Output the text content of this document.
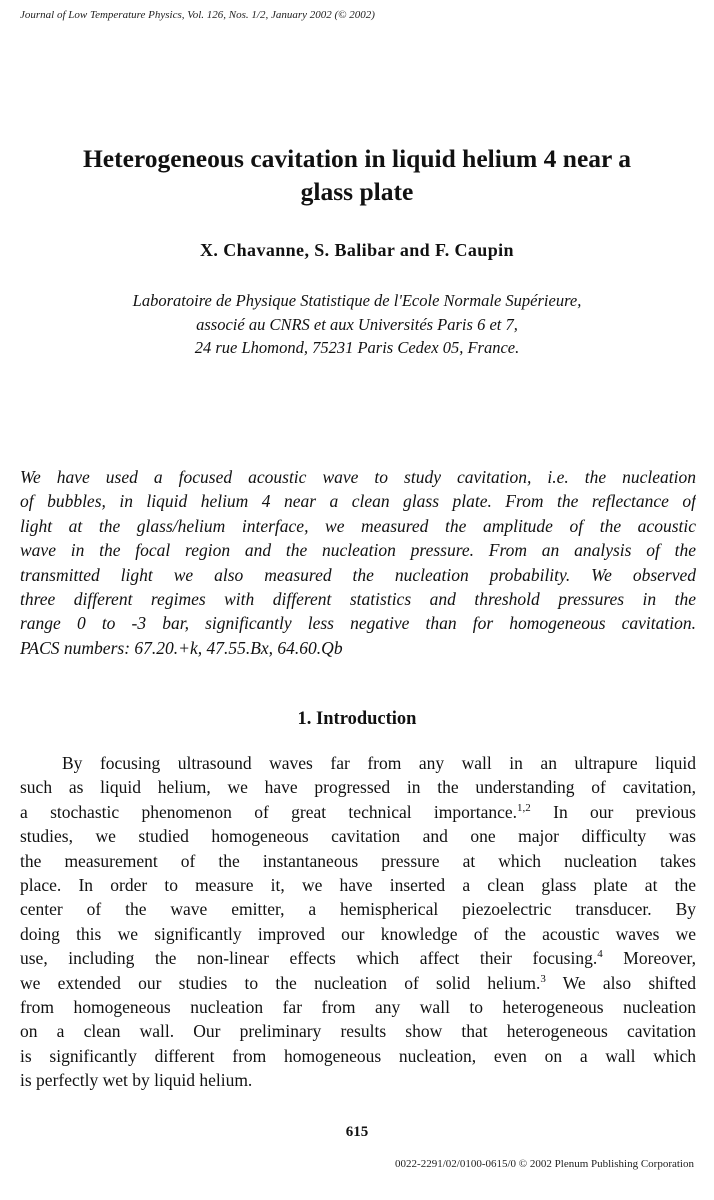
Journal of Low Temperature Physics, Vol. 126, Nos. 1/2, January 2002 (© 2002)
Heterogeneous cavitation in liquid helium 4 near a
glass plate
X. Chavanne, S. Balibar and F. Caupin
Laboratoire de Physique Statistique de l'Ecole Normale Supérieure,
associé au CNRS et aux Universités Paris 6 et 7,
24 rue Lhomond, 75231 Paris Cedex 05, France.
We have used a focused acoustic wave to study cavitation, i.e. the nucleation
of bubbles, in liquid helium 4 near a clean glass plate. From the reflectance of
light at the glass/helium interface, we measured the amplitude of the acoustic
wave in the focal region and the nucleation pressure. From an analysis of the
transmitted light we also measured the nucleation probability. We observed
three different regimes with different statistics and threshold pressures in the
range 0 to -3 bar, significantly less negative than for homogeneous cavitation.
PACS numbers: 67.20.+k, 47.55.Bx, 64.60.Qb
1. Introduction
By focusing ultrasound waves far from any wall in an ultrapure liquid
such as liquid helium, we have progressed in the understanding of cavitation,
a stochastic phenomenon of great technical importance.$^{1,2}$ In our previous
studies, we studied homogeneous cavitation and one major difficulty was
the measurement of the instantaneous pressure at which nucleation takes
place. In order to measure it, we have inserted a clean glass plate at the
center of the wave emitter, a hemispherical piezoelectric transducer. By
doing this we significantly improved our knowledge of the acoustic waves we
use, including the non-linear effects which affect their focusing.$^4$ Moreover,
we extended our studies to the nucleation of solid helium.$^3$ We also shifted
from homogeneous nucleation far from any wall to heterogeneous nucleation
on a clean wall. Our preliminary results show that heterogeneous cavitation
is significantly different from homogeneous nucleation, even on a wall which
is perfectly wet by liquid helium.
615
0022-2291/02/0100-0615/0 © 2002 Plenum Publishing Corporation
